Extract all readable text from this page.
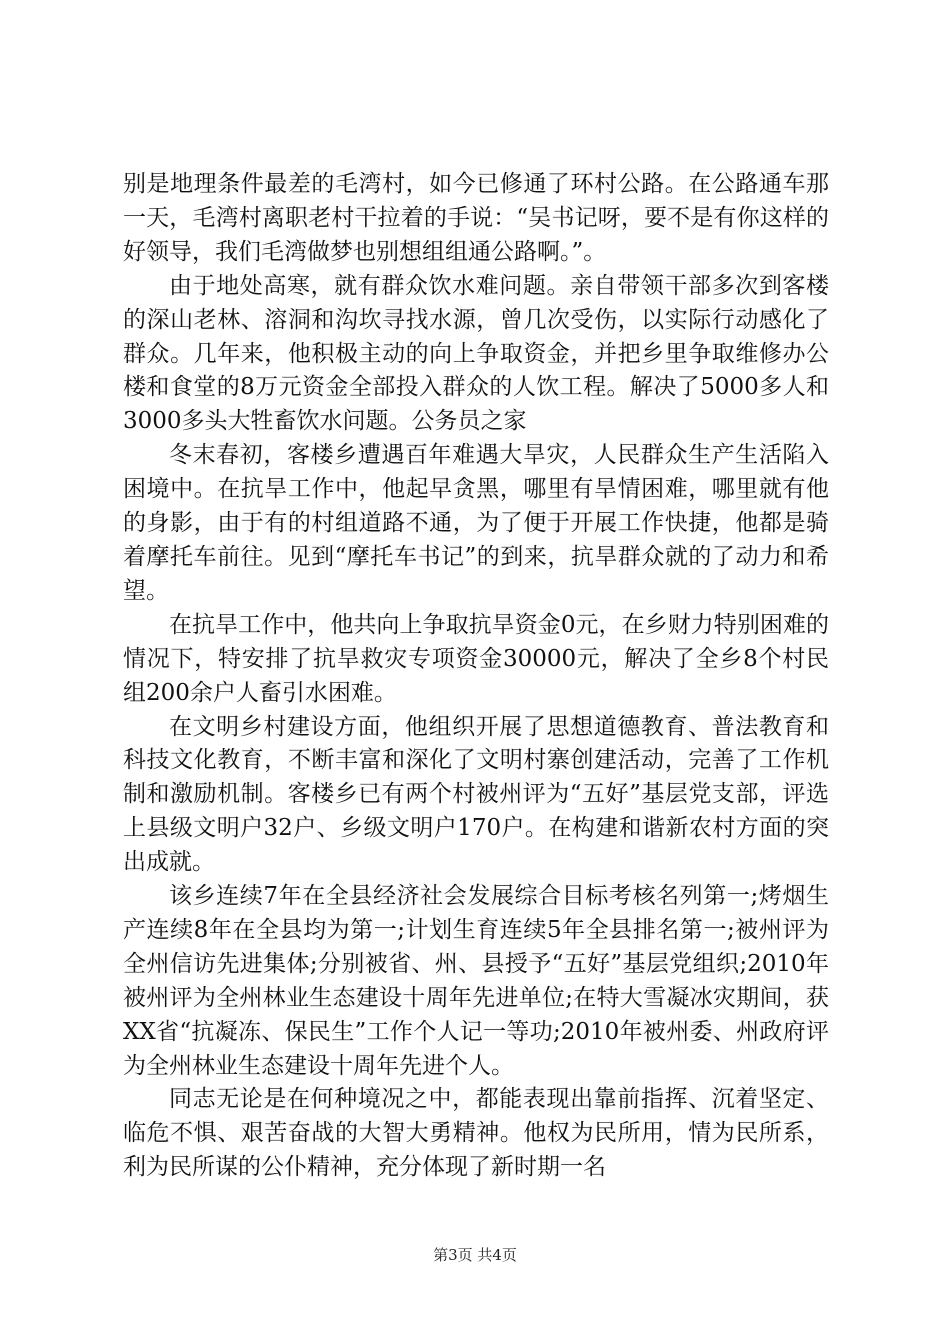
别是地理条件最差的毛湾村，如今已修通了环村公路。在公路通车那一天，毛湾村离职老村干拉着的手说：“吴书记呀，要不是有你这样的好领导，我们毛湾做梦也别想组组通公路啊。”。

由于地处高寒，就有群众饮水难问题。亲自带领干部多次到客楼的深山老林、溶洞和沟坎寻找水源，曾几次受伤，以实际行动感化了群众。几年来，他积极主动的向上争取资金，并把乡里争取维修办公楼和食堂的8万元资金全部投入群众的人饮工程。解决了5000多人和3000多头大牲畜饮水问题。公务员之家

冬末春初，客楼乡遭遇百年难遇大旱灾，人民群众生产生活陷入困境中。在抗旱工作中，他起早贪黑，哪里有旱情困难，哪里就有他的身影，由于有的村组道路不通，为了便于开展工作快捷，他都是骑着摩托车前往。见到“摩托车书记”的到来，抗旱群众就的了动力和希望。

在抗旱工作中，他共向上争取抗旱资金0元，在乡财力特别困难的情况下，特安排了抗旱救灾专项资金30000元，解决了全乡8个村民组200余户人畜引水困难。

在文明乡村建设方面，他组织开展了思想道德教育、普法教育和科技文化教育，不断丰富和深化了文明村寨创建活动，完善了工作机制和激励机制。客楼乡已有两个村被州评为“五好”基层党支部，评选上县级文明户32户、乡级文明户170户。在构建和谐新农村方面的突出成就。

该乡连续7年在全县经济社会发展综合目标考核名列第一;烤烟生产连续8年在全县均为第一;计划生育连续5年全县排名第一;被州评为全州信访先进集体;分别被省、州、县授予“五好”基层党组织;2010年被州评为全州林业生态建设十周年先进单位;在特大雪凝冰灾期间，获XX省“抗凝冻、保民生”工作个人记一等功;2010年被州委、州政府评为全州林业生态建设十周年先进个人。

同志无论是在何种境况之中，都能表现出靠前指挥、沉着坚定、临危不惧、艰苦奋战的大智大勇精神。他权为民所用，情为民所系，利为民所谋的公仆精神，充分体现了新时期一名

第3页 共4页
